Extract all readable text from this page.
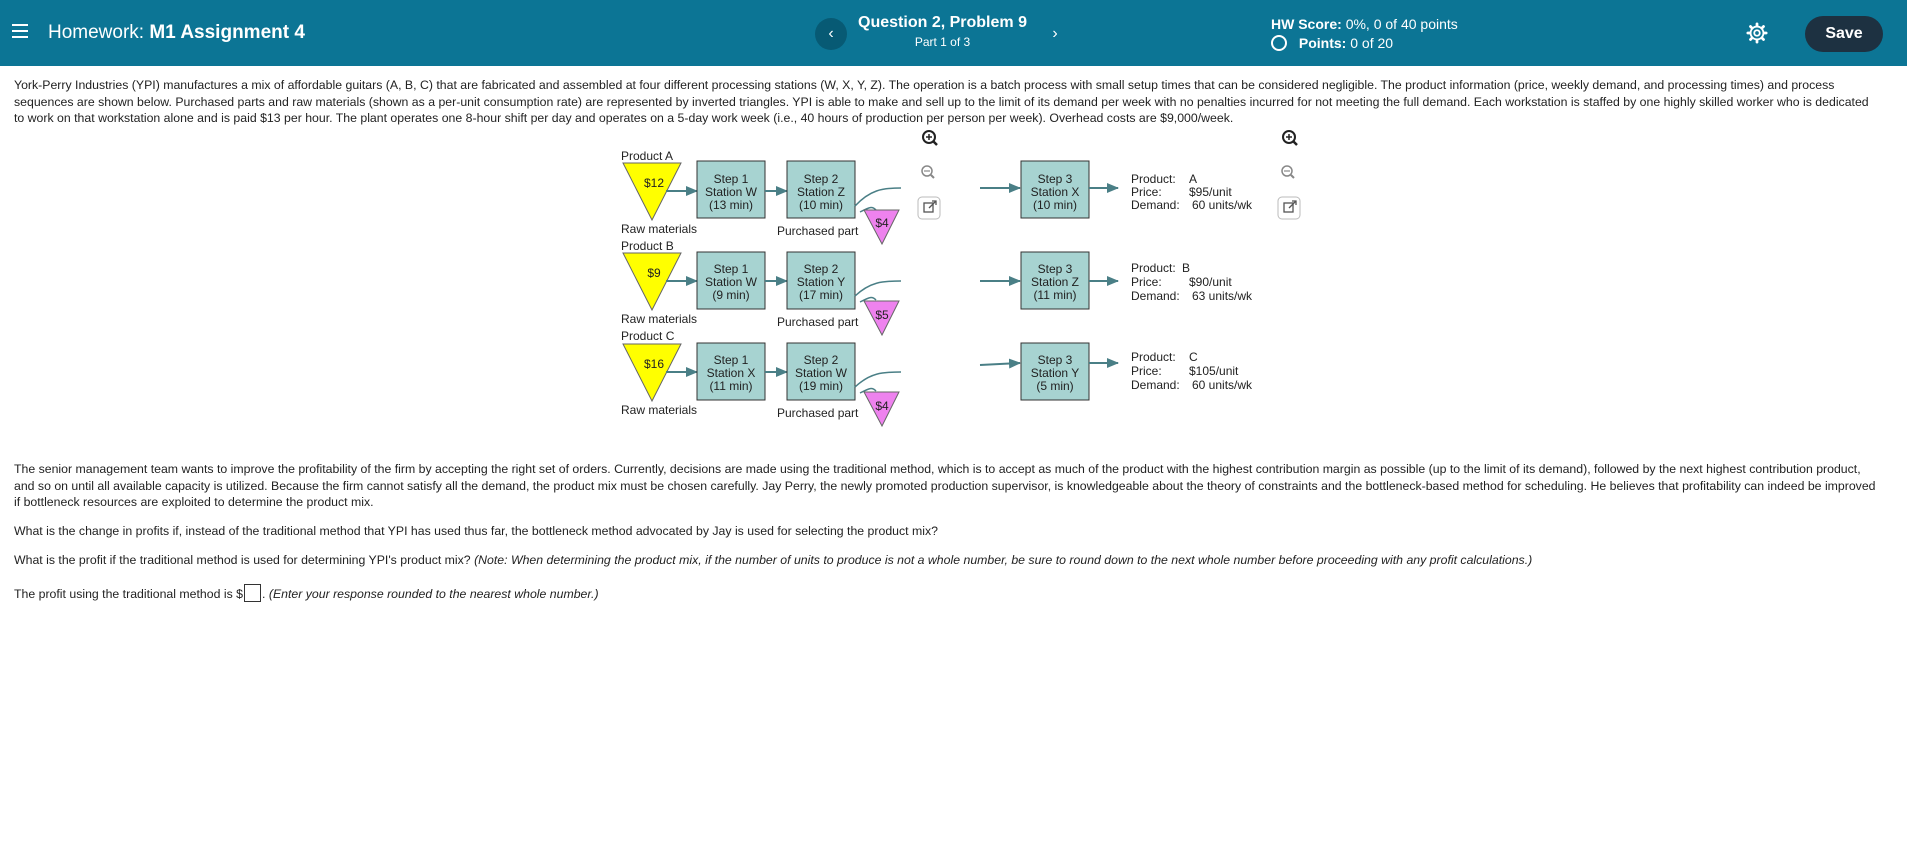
Homework: M1 Assignment 4	‹
Question 2, Problem 9
Part 1 of 3	›
HW Score: 0%, 0 of 40 points
Points: 0 of 20
Save
York-Perry Industries (YPI) manufactures a mix of affordable guitars (A, B, C) that are fabricated and assembled at four different processing stations (W, X, Y, Z). The operation is a batch process with small setup times that can be considered negligible. The product information (price, weekly demand, and processing times) and process sequences are shown below. Purchased parts and raw materials (shown as a per-unit consumption rate) are represented by inverted triangles. YPI is able to make and sell up to the limit of its demand per week with no penalties incurred for not meeting the full demand. Each workstation is staffed by one highly skilled worker who is dedicated to work on that workstation alone and is paid $13 per hour. The plant operates one 8-hour shift per day and operates on a 5-day work week (i.e., 40 hours of production per person per week). Overhead costs are $9,000/week.
Product A
$12	Step 1
Station W
(13 min)
Step 2
Station Z
(10 min)
$4
Raw materials	Purchased part
Step 3
Station X
(10 min)
Product: A
Price: $95/unit
Demand: 60 units/wk
Product B
$9	Step 1
Station W
(9 min)
Step 2
Station Y
(17 min)
$5
Raw materials	Purchased part
Step 3
Station Z
(11 min)
Product: B
Price: $90/unit
Demand: 63 units/wk
Product C
$16	Step 1
Station X
(11 min)
Step 2
Station W
(19 min)
$4
Raw materials	Purchased part
Step 3
Station Y
(5 min)
Product: C
Price: $105/unit
Demand: 60 units/wk
The senior management team wants to improve the profitability of the firm by accepting the right set of orders. Currently, decisions are made using the traditional method, which is to accept as much of the product with the highest contribution margin as possible (up to the limit of its demand), followed by the next highest contribution product, and so on until all available capacity is utilized. Because the firm cannot satisfy all the demand, the product mix must be chosen carefully. Jay Perry, the newly promoted production supervisor, is knowledgeable about the theory of constraints and the bottleneck-based method for scheduling. He believes that profitability can indeed be improved if bottleneck resources are exploited to determine the product mix.
What is the change in profits if, instead of the traditional method that YPI has used thus far, the bottleneck method advocated by Jay is used for selecting the product mix?
What is the profit if the traditional method is used for determining YPI's product mix? (Note: When determining the product mix, if the number of units to produce is not a whole number, be sure to round down to the next whole number before proceeding with any profit calculations.)
The profit using the traditional method is $ . (Enter your response rounded to the nearest whole number.)
